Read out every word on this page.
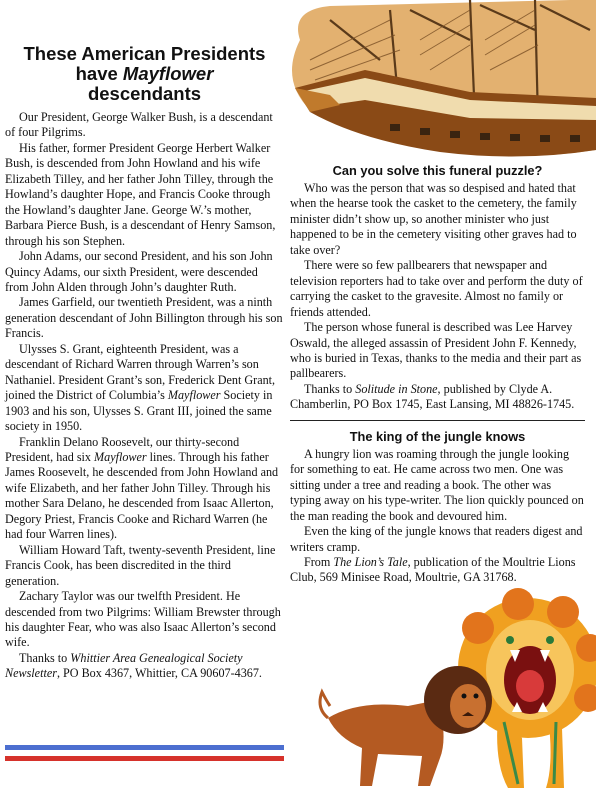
These American Presidents
have Mayflower
descendants

Our President, George Walker Bush, is a descendant of four Pilgrims.

His father, former President George Herbert Walker Bush, is descended from John Howland and his wife Elizabeth Tilley, and her father John Tilley, through the Howland’s daughter Hope, and Francis Cooke through the Howland’s daughter Jane. George W.’s mother, Barbara Pierce Bush, is a descendant of Henry Samson, through his son Stephen.

John Adams, our second President, and his son John Quincy Adams, our sixth President, were descended from John Alden through John’s daughter Ruth.

James Garfield, our twentieth President, was a ninth generation descendant of John Billington through his son Francis.

Ulysses S. Grant, eighteenth President, was a descendant of Richard Warren through Warren’s son Nathaniel. President Grant’s son, Frederick Dent Grant, joined the District of Columbia’s Mayflower Society in 1903 and his son, Ulysses S. Grant III, joined the same society in 1950.

Franklin Delano Roosevelt, our thirty-second President, had six Mayflower lines. Through his father James Roosevelt, he descended from John Howland and wife Elizabeth, and her father John Tilley. Through his mother Sara Delano, he descended from Isaac Allerton, Degory Priest, Francis Cooke and Richard Warren (he had four Warren lines).

William Howard Taft, twenty-seventh President, line Francis Cook, has been discredited in the third generation.

Zachary Taylor was our twelfth President. He descended from two Pilgrims: William Brewster through his daughter Fear, who was also Isaac Allerton’s second wife.

Thanks to Whittier Area Genealogical Society Newsletter, PO Box 4367, Whittier, CA 90607-4367.

Can you solve this funeral puzzle?

Who was the person that was so despised and hated that when the hearse took the casket to the cemetery, the family minister didn’t show up, so another minister who just happened to be in the cemetery visiting other graves had to take over?

There were so few pallbearers that newspaper and television reporters had to take over and perform the duty of carrying the casket to the gravesite. Almost no family or friends attended.

The person whose funeral is described was Lee Harvey Oswald, the alleged assassin of President John F. Kennedy, who is buried in Texas, thanks to the media and their part as pallbearers.

Thanks to Solitude in Stone, published by Clyde A. Chamberlin, PO Box 1745, East Lansing, MI 48826-1745.

The king of the jungle knows

A hungry lion was roaming through the jungle looking for something to eat. He came across two men. One was sitting under a tree and reading a book. The other was typing away on his type-writer. The lion quickly pounced on the man reading the book and devoured him.

Even the king of the jungle knows that readers digest and writers cramp.

From The Lion’s Tale, publication of the Moultrie Lions Club, 569 Minisee Road, Moultrie, GA 31768.
